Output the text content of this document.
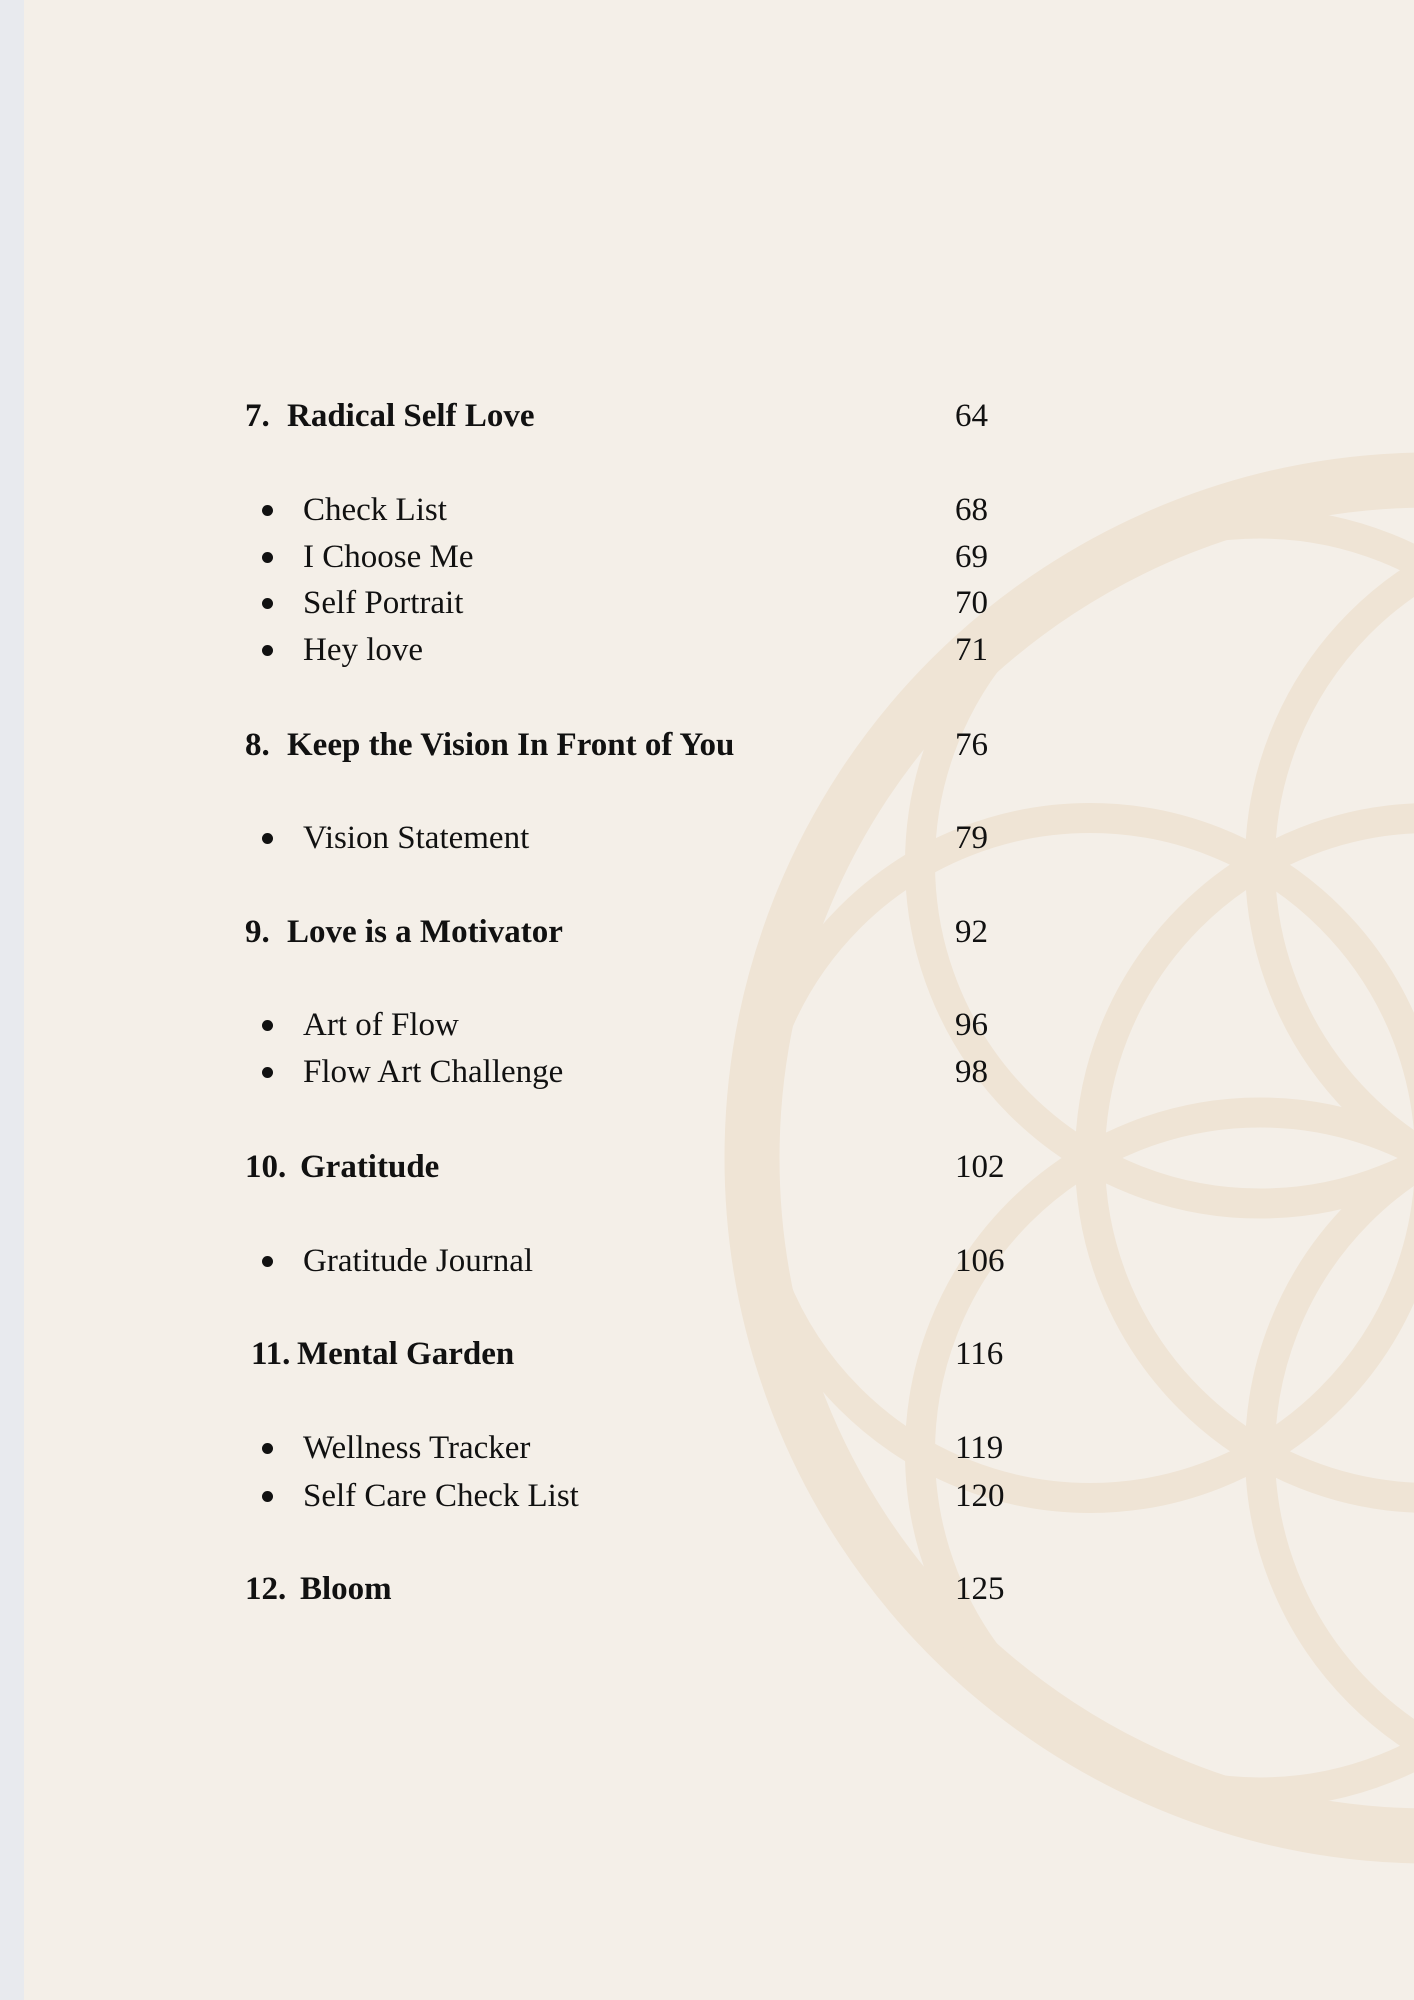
7. Radical Self Love	64
Check List	68
I Choose Me	69
Self Portrait	70
Hey love	71
8. Keep the Vision In Front of You	76
Vision Statement	79
9. Love is a Motivator	92
Art of Flow	96
Flow Art Challenge	98
10. Gratitude	102
Gratitude Journal	106
11. Mental Garden	116
Wellness Tracker	119
Self Care Check List	120
12. Bloom	125
